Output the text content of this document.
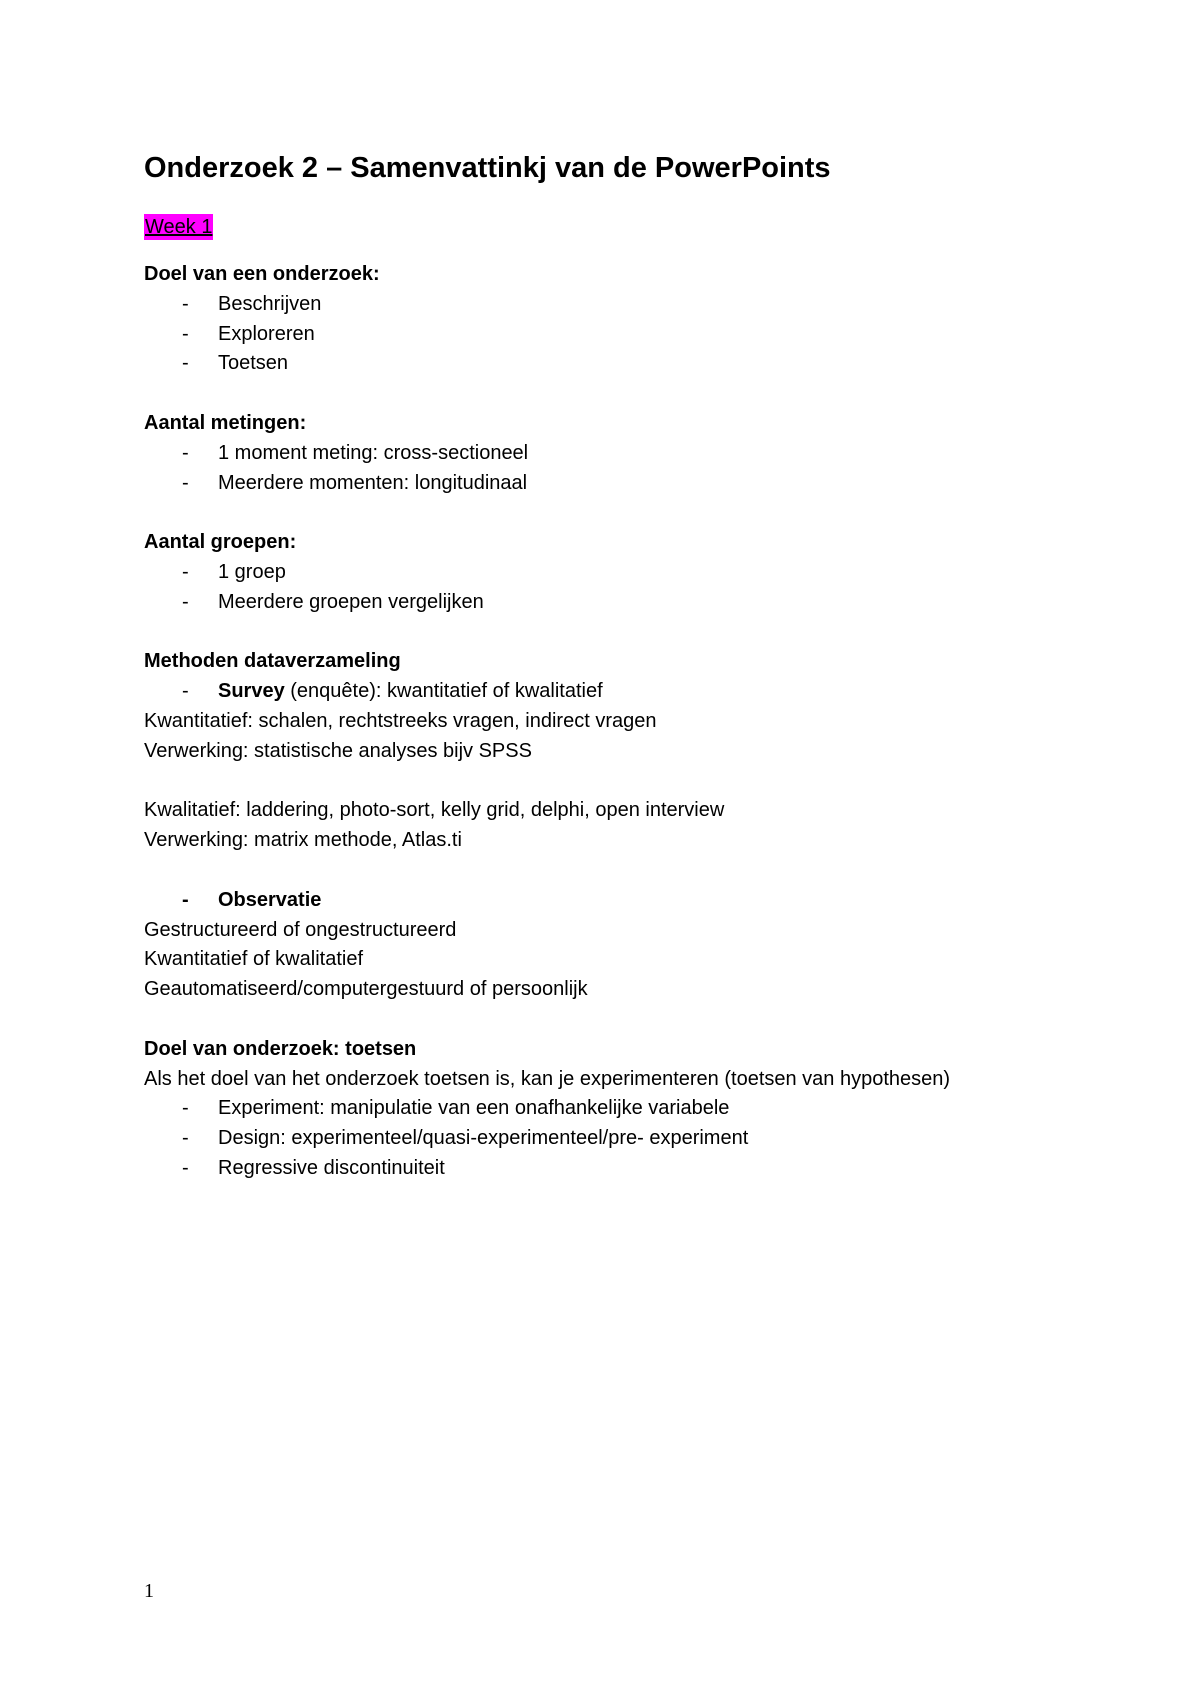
Onderzoek 2 – Samenvattinkj van de PowerPoints
Week 1
Doel van een onderzoek:
-	Beschrijven
-	Exploreren
-	Toetsen
Aantal metingen:
-	1 moment meting: cross-sectioneel
-	Meerdere momenten: longitudinaal
Aantal groepen:
-	1 groep
-	Meerdere groepen vergelijken
Methoden dataverzameling
-	Survey (enquête): kwantitatief of kwalitatief
Kwantitatief: schalen, rechtstreeks vragen, indirect vragen
Verwerking: statistische analyses bijv SPSS
Kwalitatief: laddering, photo-sort, kelly grid, delphi, open interview
Verwerking: matrix methode, Atlas.ti
-	Observatie
Gestructureerd of ongestructureerd
Kwantitatief of kwalitatief
Geautomatiseerd/computergestuurd of persoonlijk
Doel van onderzoek: toetsen
Als het doel van het onderzoek toetsen is, kan je experimenteren (toetsen van hypothesen)
-	Experiment: manipulatie van een onafhankelijke variabele
-	Design: experimenteel/quasi-experimenteel/pre- experiment
-	Regressive discontinuiteit
1
